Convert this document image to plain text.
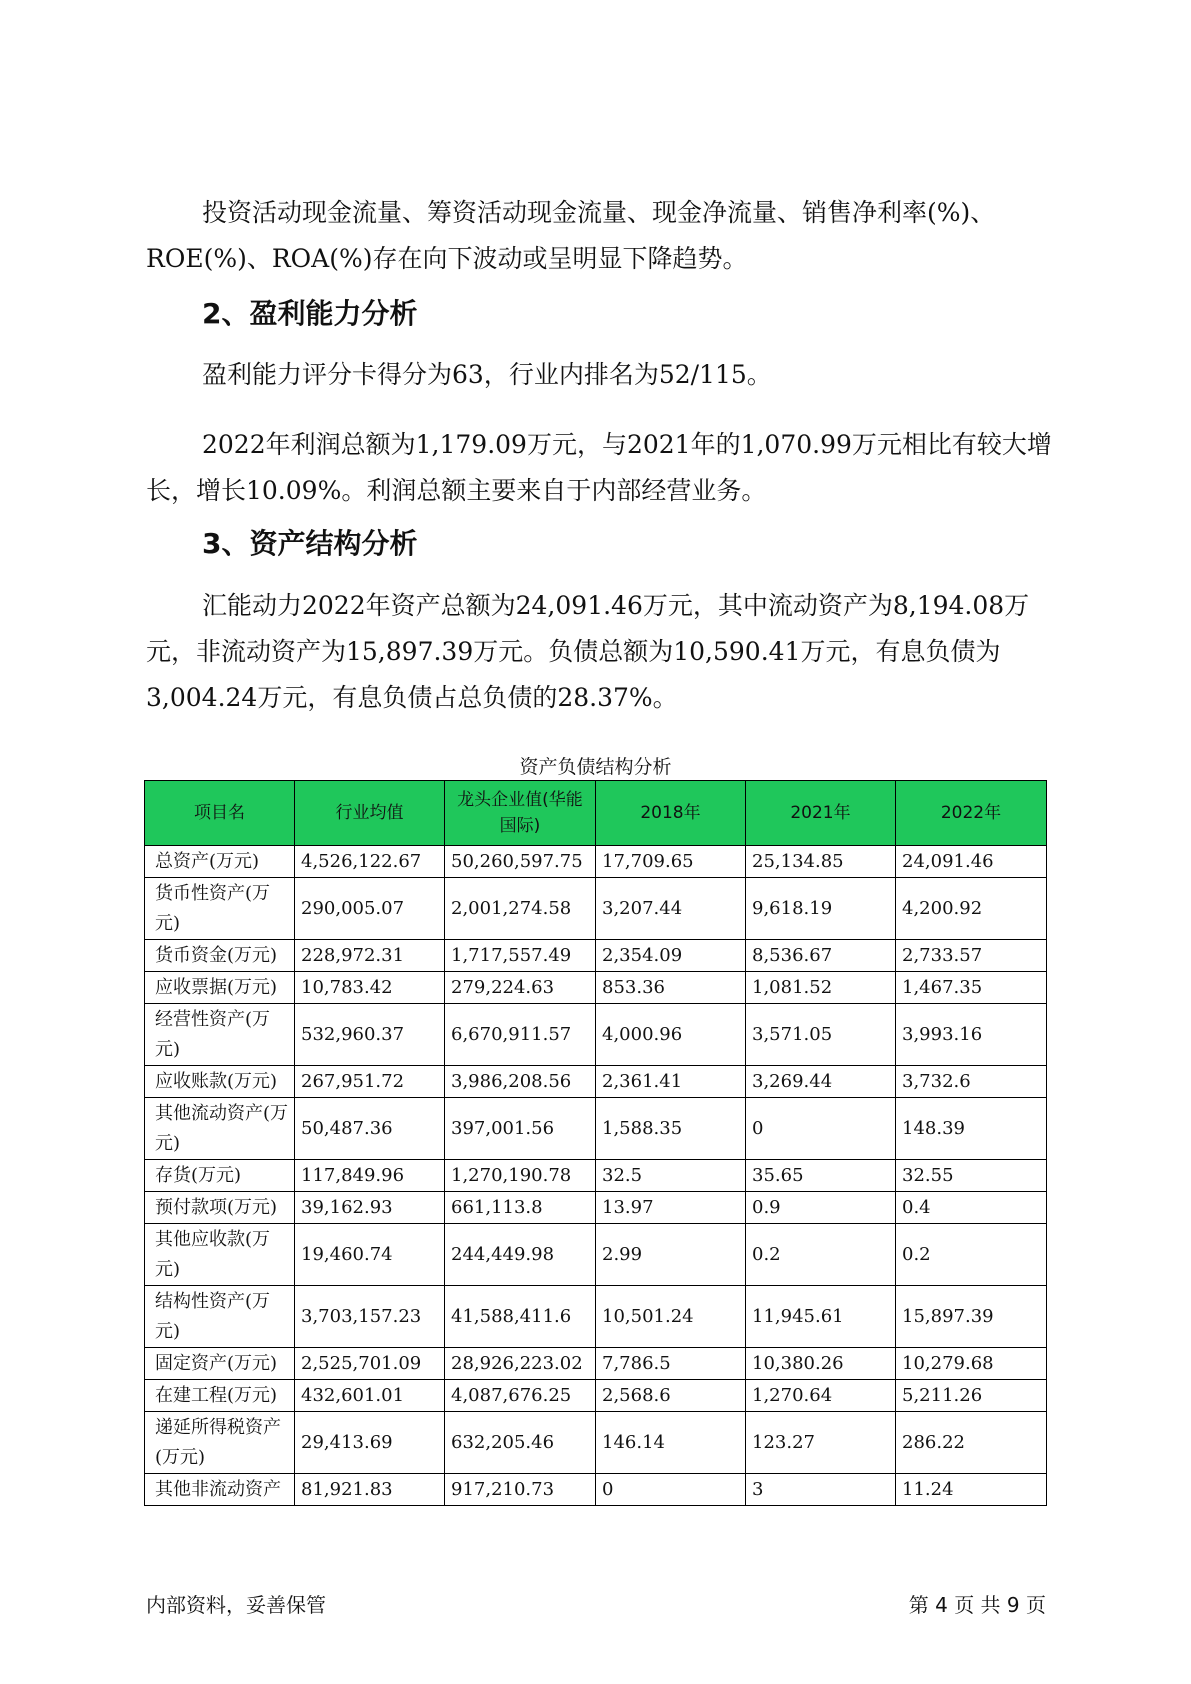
投资活动现金流量、筹资活动现金流量、现金净流量、销售净利率(%)、ROE(%)、ROA(%)存在向下波动或呈明显下降趋势。

2、盈利能力分析

盈利能力评分卡得分为63，行业内排名为52/115。

2022年利润总额为1,179.09万元，与2021年的1,070.99万元相比有较大增长，增长10.09%。利润总额主要来自于内部经营业务。

3、资产结构分析

汇能动力2022年资产总额为24,091.46万元，其中流动资产为8,194.08万元，非流动资产为15,897.39万元。负债总额为10,590.41万元，有息负债为3,004.24万元，有息负债占总负债的28.37%。

资产负债结构分析
项目名	行业均值	龙头企业值(华能国际)	2018年	2021年	2022年
总资产(万元)	4,526,122.67	50,260,597.75	17,709.65	25,134.85	24,091.46
货币性资产(万元)	290,005.07	2,001,274.58	3,207.44	9,618.19	4,200.92
货币资金(万元)	228,972.31	1,717,557.49	2,354.09	8,536.67	2,733.57
应收票据(万元)	10,783.42	279,224.63	853.36	1,081.52	1,467.35
经营性资产(万元)	532,960.37	6,670,911.57	4,000.96	3,571.05	3,993.16
应收账款(万元)	267,951.72	3,986,208.56	2,361.41	3,269.44	3,732.6
其他流动资产(万元)	50,487.36	397,001.56	1,588.35	0	148.39
存货(万元)	117,849.96	1,270,190.78	32.5	35.65	32.55
预付款项(万元)	39,162.93	661,113.8	13.97	0.9	0.4
其他应收款(万元)	19,460.74	244,449.98	2.99	0.2	0.2
结构性资产(万元)	3,703,157.23	41,588,411.6	10,501.24	11,945.61	15,897.39
固定资产(万元)	2,525,701.09	28,926,223.02	7,786.5	10,380.26	10,279.68
在建工程(万元)	432,601.01	4,087,676.25	2,568.6	1,270.64	5,211.26
递延所得税资产(万元)	29,413.69	632,205.46	146.14	123.27	286.22
其他非流动资产	81,921.83	917,210.73	0	3	11.24
内部资料，妥善保管	第 4 页 共 9 页
